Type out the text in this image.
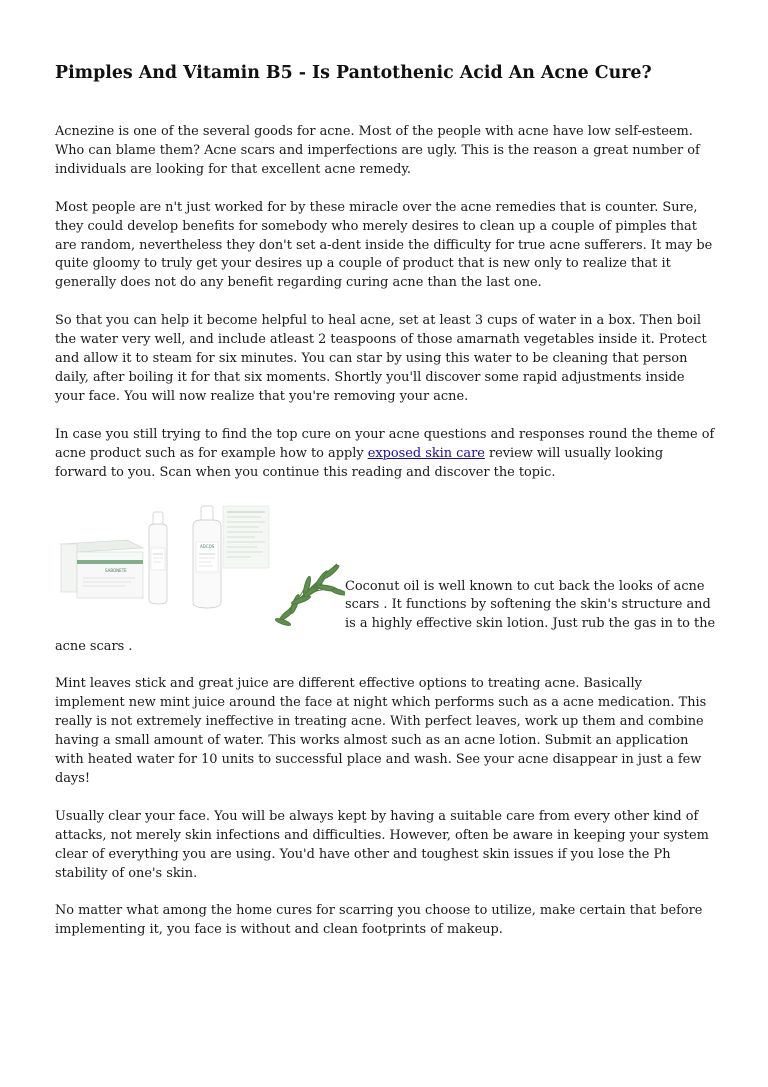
Pimples And Vitamin B5 - Is Pantothenic Acid An Acne Cure?

Acnezine is one of the several goods for acne. Most of the people with acne have low self-esteem. Who can blame them? Acne scars and imperfections are ugly. This is the reason a great number of individuals are looking for that excellent acne remedy.

Most people are n't just worked for by these miracle over the acne remedies that is counter. Sure, they could develop benefits for somebody who merely desires to clean up a couple of pimples that are random, nevertheless they don't set a-dent inside the difficulty for true acne sufferers. It may be quite gloomy to truly get your desires up a couple of product that is new only to realize that it generally does not do any benefit regarding curing acne than the last one.

So that you can help it become helpful to heal acne, set at least 3 cups of water in a box. Then boil the water very well, and include atleast 2 teaspoons of those amarnath vegetables inside it. Protect and allow it to steam for six minutes. You can star by using this water to be cleaning that person daily, after boiling it for that six moments. Shortly you'll discover some rapid adjustments inside your face. You will now realize that you're removing your acne.

In case you still trying to find the top cure on your acne questions and responses round the theme of acne product such as for example how to apply exposed skin care review will usually looking forward to you. Scan when you continue this reading and discover the topic.

SABONETE
ADCOS
Coconut oil is well known to cut back the looks of acne scars . It functions by softening the skin's structure and is a highly effective skin lotion. Just rub the gas in to the

acne scars .

Mint leaves stick and great juice are different effective options to treating acne. Basically implement new mint juice around the face at night which performs such as a acne medication. This really is not extremely ineffective in treating acne. With perfect leaves, work up them and combine having a small amount of water. This works almost such as an acne lotion. Submit an application with heated water for 10 units to successful place and wash. See your acne disappear in just a few days!

Usually clear your face. You will be always kept by having a suitable care from every other kind of attacks, not merely skin infections and difficulties. However, often be aware in keeping your system clear of everything you are using. You'd have other and toughest skin issues if you lose the Ph stability of one's skin.

No matter what among the home cures for scarring you choose to utilize, make certain that before implementing it, you face is without and clean footprints of makeup.
